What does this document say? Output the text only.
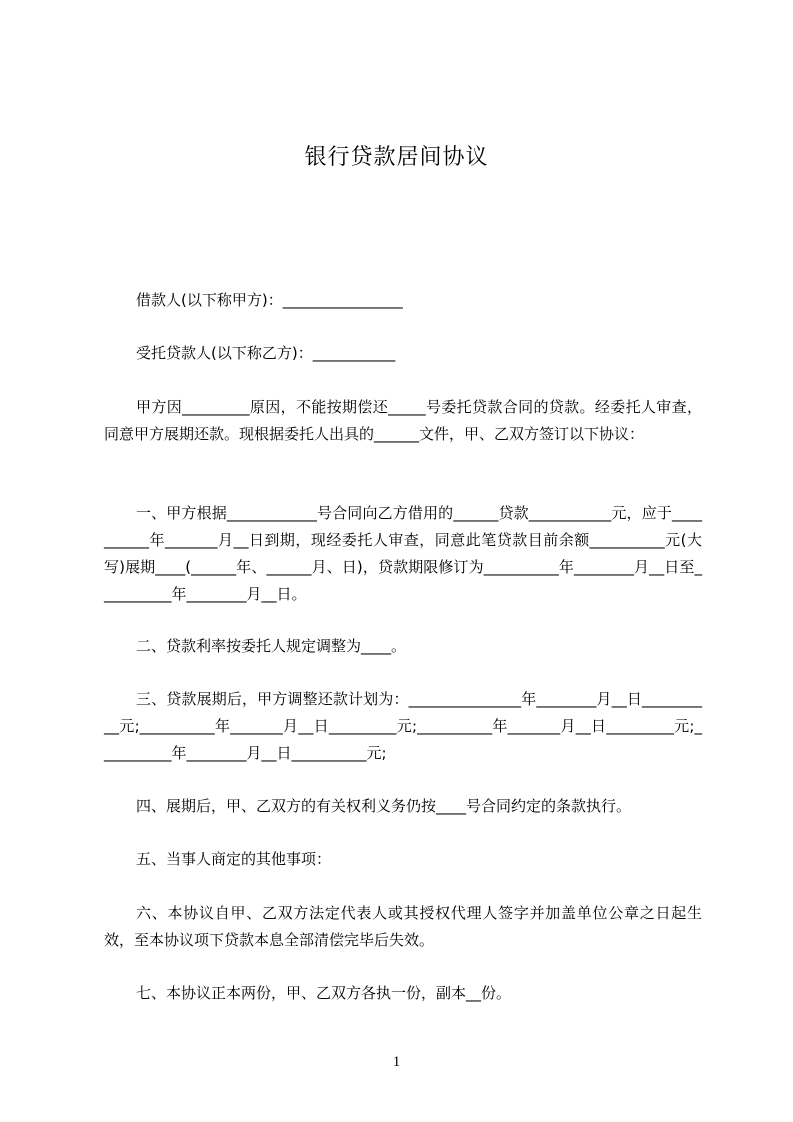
银行贷款居间协议
借款人(以下称甲方)：________________
受托贷款人(以下称乙方)：___________
甲方因_________原因，不能按期偿还_____号委托贷款合同的贷款。经委托人审查，同意甲方展期还款。现根据委托人出具的______文件，甲、乙双方签订以下协议：
一、甲方根据____________号合同向乙方借用的______贷款___________元，应于__________年_______月__日到期，现经委托人审查，同意此笔贷款目前余额__________元(大写)展期____(______年、______月、日)，贷款期限修订为__________年________月__日至__________年________月__日。
二、贷款利率按委托人规定调整为____。
三、贷款展期后，甲方调整还款计划为：_______________年________月__日__________元;__________年_______月__日_________元;__________年_______月__日_________元;__________年________月__日__________元;
四、展期后，甲、乙双方的有关权利义务仍按____号合同约定的条款执行。
五、当事人商定的其他事项：
六、本协议自甲、乙双方法定代表人或其授权代理人签字并加盖单位公章之日起生效，至本协议项下贷款本息全部清偿完毕后失效。
七、本协议正本两份，甲、乙双方各执一份，副本__份。
1
